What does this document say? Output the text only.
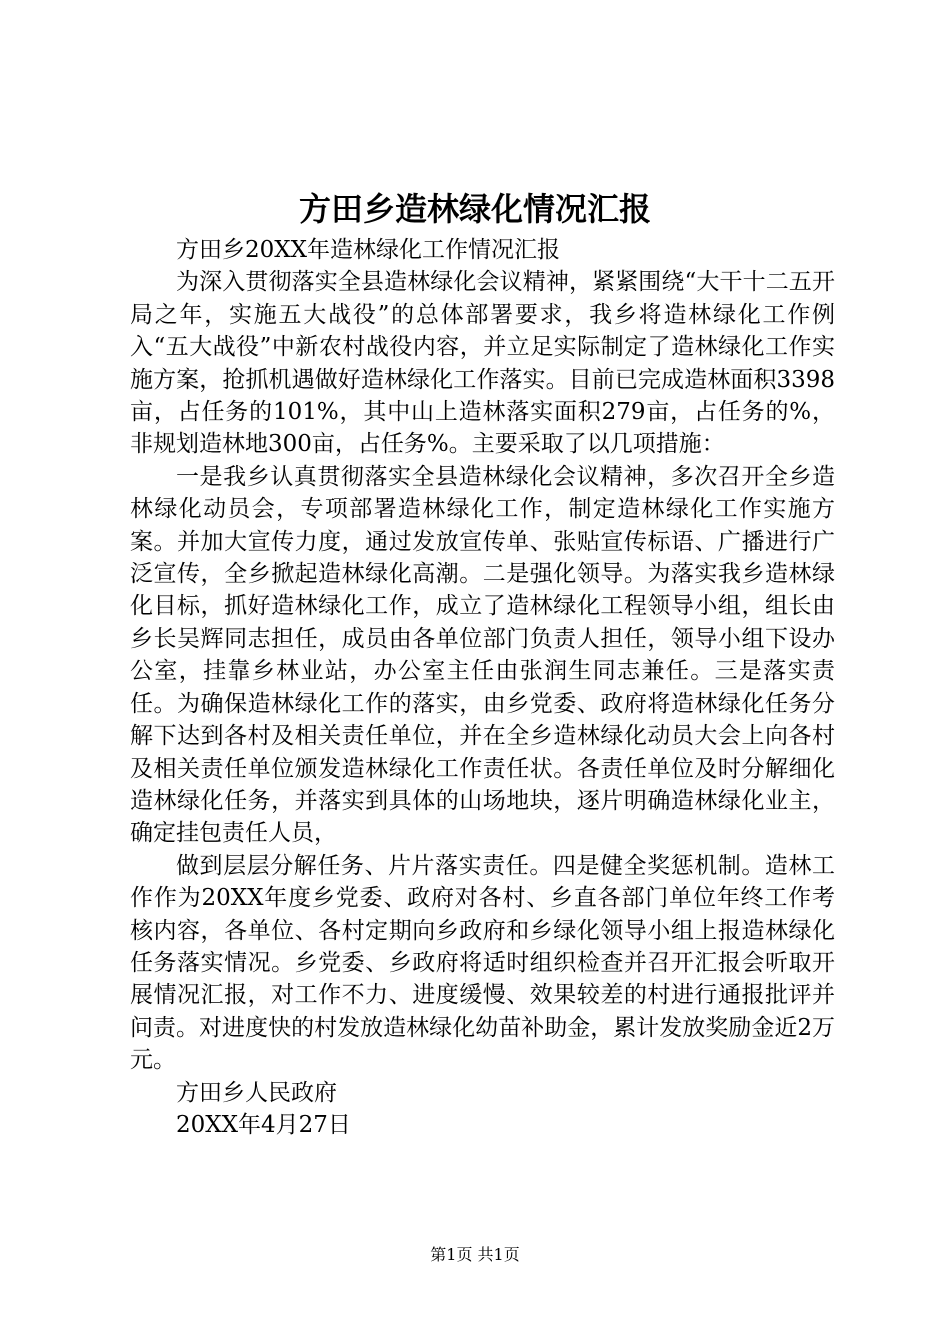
方田乡造林绿化情况汇报

方田乡20XX年造林绿化工作情况汇报

为深入贯彻落实全县造林绿化会议精神，紧紧围绕“大干十二五开局之年，实施五大战役”的总体部署要求，我乡将造林绿化工作例入“五大战役”中新农村战役内容，并立足实际制定了造林绿化工作实施方案，抢抓机遇做好造林绿化工作落实。目前已完成造林面积3398亩，占任务的101%，其中山上造林落实面积279亩，占任务的%，非规划造林地300亩，占任务%。主要采取了以几项措施：

一是我乡认真贯彻落实全县造林绿化会议精神，多次召开全乡造林绿化动员会，专项部署造林绿化工作，制定造林绿化工作实施方案。并加大宣传力度，通过发放宣传单、张贴宣传标语、广播进行广泛宣传，全乡掀起造林绿化高潮。二是强化领导。为落实我乡造林绿化目标，抓好造林绿化工作，成立了造林绿化工程领导小组，组长由乡长吴辉同志担任，成员由各单位部门负责人担任，领导小组下设办公室，挂靠乡林业站，办公室主任由张润生同志兼任。三是落实责任。为确保造林绿化工作的落实，由乡党委、政府将造林绿化任务分解下达到各村及相关责任单位，并在全乡造林绿化动员大会上向各村及相关责任单位颁发造林绿化工作责任状。各责任单位及时分解细化造林绿化任务，并落实到具体的山场地块，逐片明确造林绿化业主，确定挂包责任人员，

做到层层分解任务、片片落实责任。四是健全奖惩机制。造林工作作为20XX年度乡党委、政府对各村、乡直各部门单位年终工作考核内容，各单位、各村定期向乡政府和乡绿化领导小组上报造林绿化任务落实情况。乡党委、乡政府将适时组织检查并召开汇报会听取开展情况汇报，对工作不力、进度缓慢、效果较差的村进行通报批评并问责。对进度快的村发放造林绿化幼苗补助金，累计发放奖励金近2万元。

方田乡人民政府

20XX年4月27日

第1页 共1页
